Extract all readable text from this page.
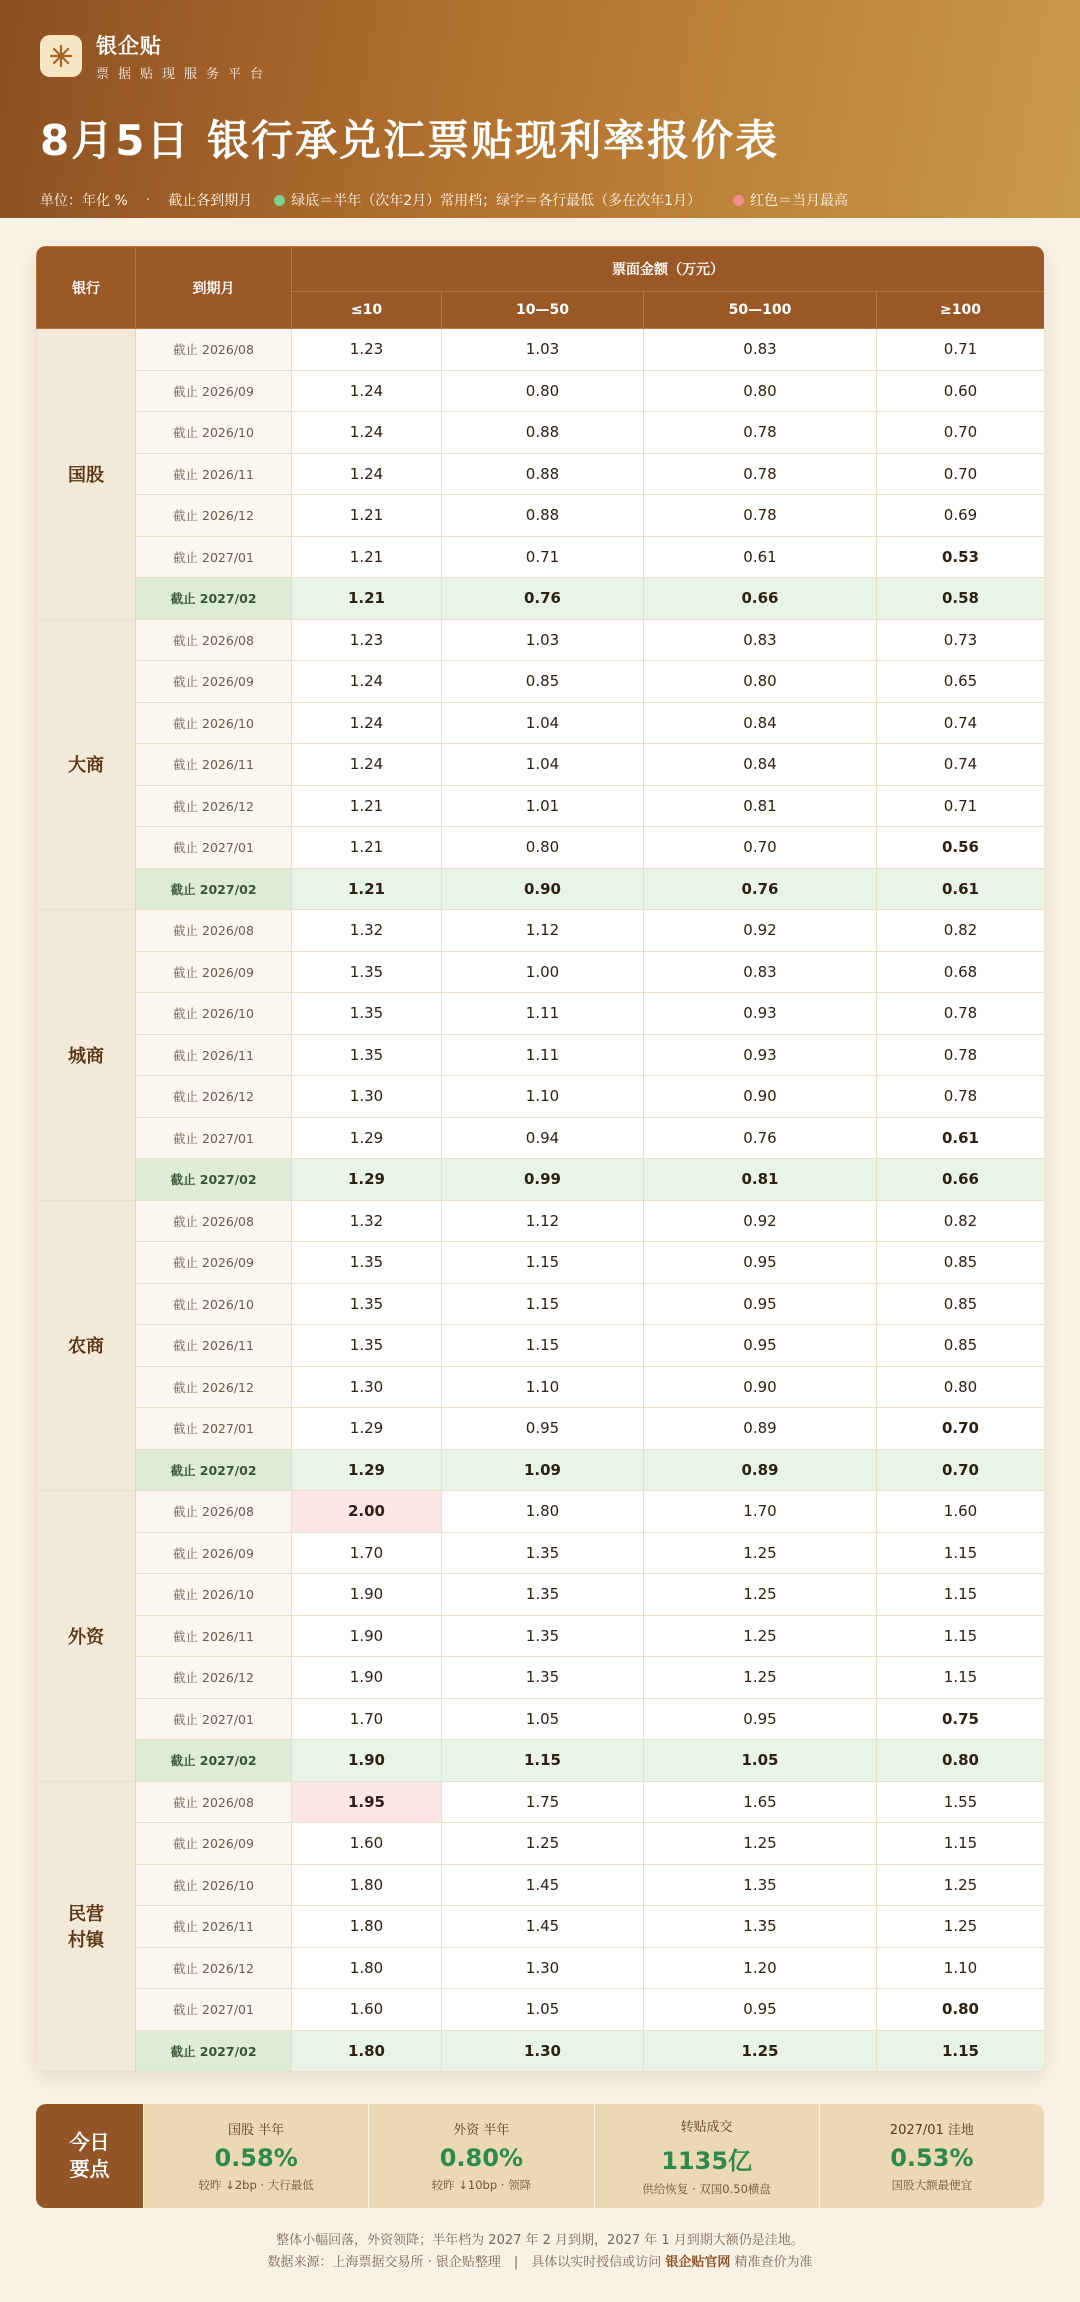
银企贴
票据贴现服务平台
8月5日 银行承兑汇票贴现利率报价表
单位：年化 % · 截止各到期月	绿底＝半年（次年2月）常用档；绿字＝各行最低（多在次年1月）	红色＝当月最高
银行	到期月	票面金额（万元）			
		≤10	10—50	50—100	≥100
国股	截止 2026/08	1.23	1.03	0.83	0.71
	截止 2026/09	1.24	0.80	0.80	0.60
	截止 2026/10	1.24	0.88	0.78	0.70
	截止 2026/11	1.24	0.88	0.78	0.70
	截止 2026/12	1.21	0.88	0.78	0.69
	截止 2027/01	1.21	0.71	0.61	0.53
	截止 2027/02	1.21	0.76	0.66	0.58
大商	截止 2026/08	1.23	1.03	0.83	0.73
	截止 2026/09	1.24	0.85	0.80	0.65
	截止 2026/10	1.24	1.04	0.84	0.74
	截止 2026/11	1.24	1.04	0.84	0.74
	截止 2026/12	1.21	1.01	0.81	0.71
	截止 2027/01	1.21	0.80	0.70	0.56
	截止 2027/02	1.21	0.90	0.76	0.61
城商	截止 2026/08	1.32	1.12	0.92	0.82
	截止 2026/09	1.35	1.00	0.83	0.68
	截止 2026/10	1.35	1.11	0.93	0.78
	截止 2026/11	1.35	1.11	0.93	0.78
	截止 2026/12	1.30	1.10	0.90	0.78
	截止 2027/01	1.29	0.94	0.76	0.61
	截止 2027/02	1.29	0.99	0.81	0.66
农商	截止 2026/08	1.32	1.12	0.92	0.82
	截止 2026/09	1.35	1.15	0.95	0.85
	截止 2026/10	1.35	1.15	0.95	0.85
	截止 2026/11	1.35	1.15	0.95	0.85
	截止 2026/12	1.30	1.10	0.90	0.80
	截止 2027/01	1.29	0.95	0.89	0.70
	截止 2027/02	1.29	1.09	0.89	0.70
外资	截止 2026/08	2.00	1.80	1.70	1.60
	截止 2026/09	1.70	1.35	1.25	1.15
	截止 2026/10	1.90	1.35	1.25	1.15
	截止 2026/11	1.90	1.35	1.25	1.15
	截止 2026/12	1.90	1.35	1.25	1.15
	截止 2027/01	1.70	1.05	0.95	0.75
	截止 2027/02	1.90	1.15	1.05	0.80
民营
村镇	截止 2026/08	1.95	1.75	1.65	1.55
	截止 2026/09	1.60	1.25	1.25	1.15
	截止 2026/10	1.80	1.45	1.35	1.25
	截止 2026/11	1.80	1.45	1.35	1.25
	截止 2026/12	1.80	1.30	1.20	1.10
	截止 2027/01	1.60	1.05	0.95	0.80
	截止 2027/02	1.80	1.30	1.25	1.15
今日
要点
国股 半年
0.58%
较昨 ↓2bp · 大行最低
外资 半年
0.80%
较昨 ↓10bp · 领降
转贴成交
1135亿
供给恢复 · 双国0.50横盘
2027/01 洼地
0.53%
国股大额最便宜
整体小幅回落，外资领降；半年档为 2027 年 2 月到期，2027 年 1 月到期大额仍是洼地。
数据来源：上海票据交易所 · 银企贴整理　|　具体以实时授信或访问 银企贴官网 精准查价为准
